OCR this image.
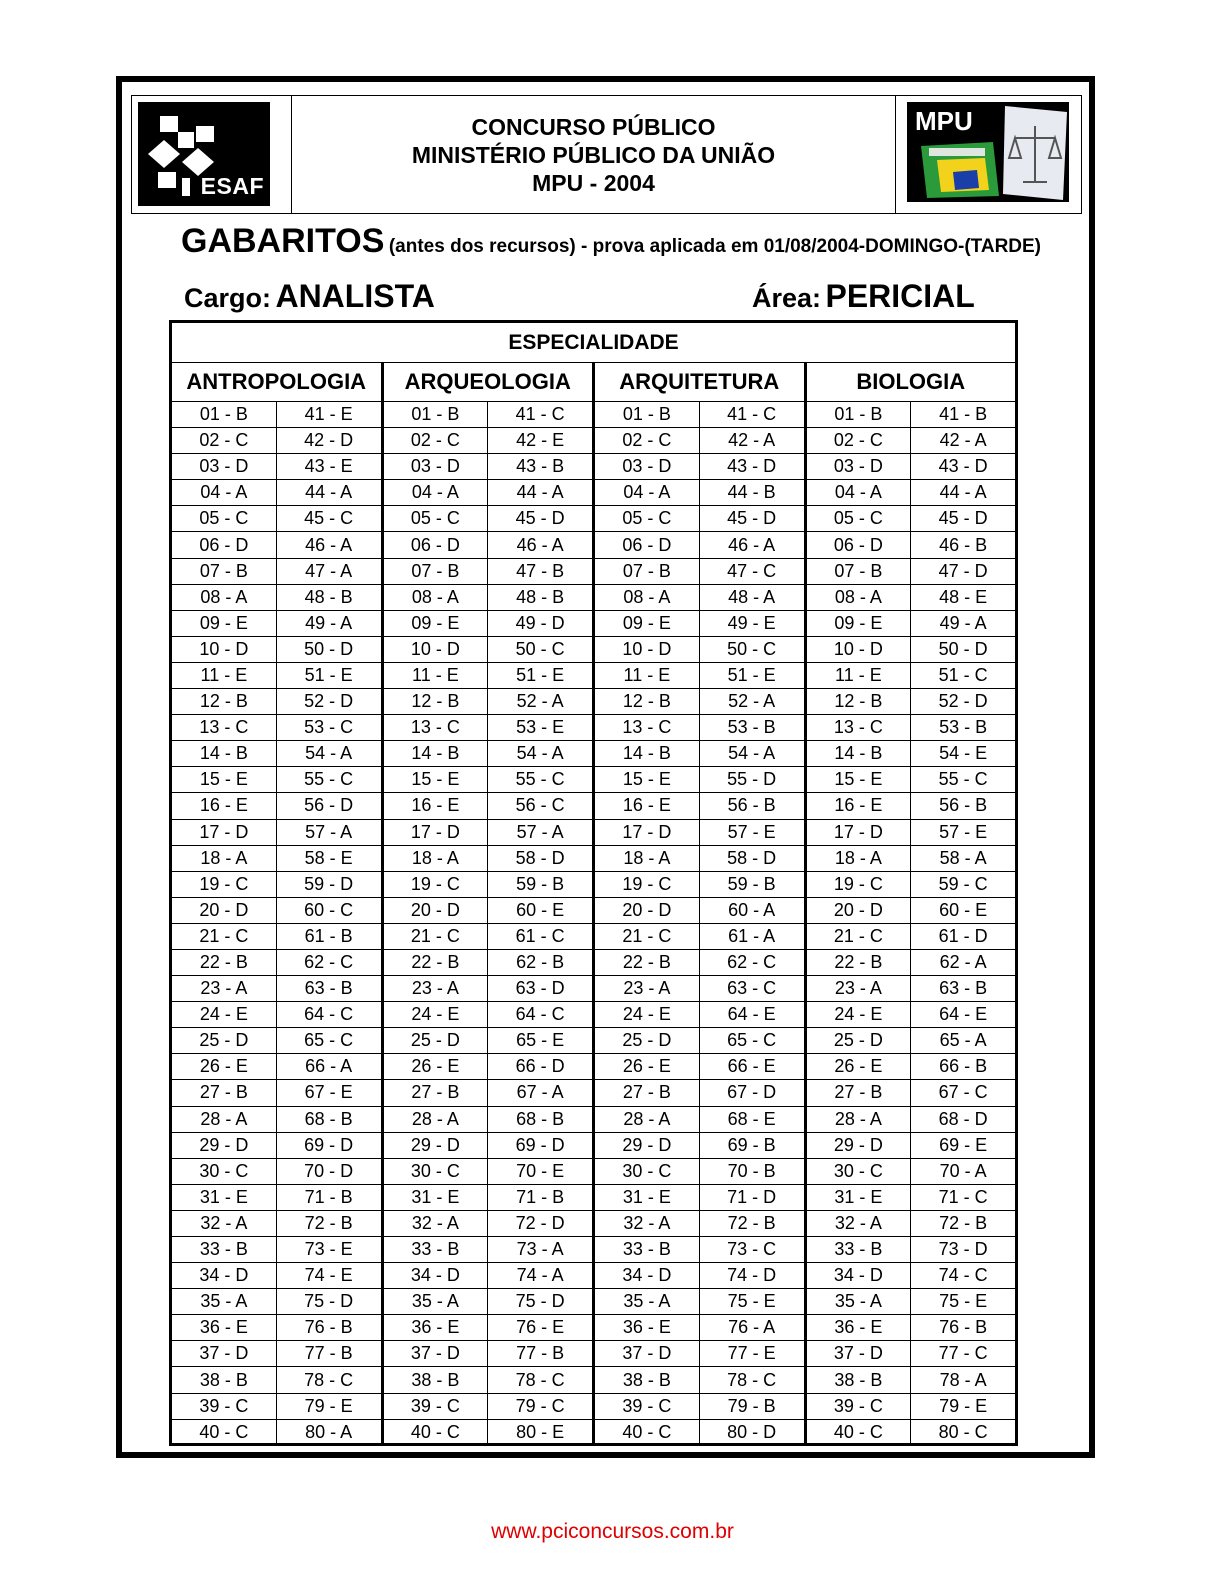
ESAF
CONCURSO PÚBLICO
MINISTÉRIO PÚBLICO DA UNIÃO
MPU - 2004
MPU
GABARITOS (antes dos recursos) - prova aplicada em 01/08/2004-DOMINGO-(TARDE)
Cargo: ANALISTA	Área: PERICIAL
ESPECIALIDADE
ANTROPOLOGIA
01 - B	41 - E
02 - C	42 - D
03 - D	43 - E
04 - A	44 - A
05 - C	45 - C
06 - D	46 - A
07 - B	47 - A
08 - A	48 - B
09 - E	49 - A
10 - D	50 - D
11 - E	51 - E
12 - B	52 - D
13 - C	53 - C
14 - B	54 - A
15 - E	55 - C
16 - E	56 - D
17 - D	57 - A
18 - A	58 - E
19 - C	59 - D
20 - D	60 - C
21 - C	61 - B
22 - B	62 - C
23 - A	63 - B
24 - E	64 - C
25 - D	65 - C
26 - E	66 - A
27 - B	67 - E
28 - A	68 - B
29 - D	69 - D
30 - C	70 - D
31 - E	71 - B
32 - A	72 - B
33 - B	73 - E
34 - D	74 - E
35 - A	75 - D
36 - E	76 - B
37 - D	77 - B
38 - B	78 - C
39 - C	79 - E
40 - C	80 - A
ARQUEOLOGIA
01 - B	41 - C
02 - C	42 - E
03 - D	43 - B
04 - A	44 - A
05 - C	45 - D
06 - D	46 - A
07 - B	47 - B
08 - A	48 - B
09 - E	49 - D
10 - D	50 - C
11 - E	51 - E
12 - B	52 - A
13 - C	53 - E
14 - B	54 - A
15 - E	55 - C
16 - E	56 - C
17 - D	57 - A
18 - A	58 - D
19 - C	59 - B
20 - D	60 - E
21 - C	61 - C
22 - B	62 - B
23 - A	63 - D
24 - E	64 - C
25 - D	65 - E
26 - E	66 - D
27 - B	67 - A
28 - A	68 - B
29 - D	69 - D
30 - C	70 - E
31 - E	71 - B
32 - A	72 - D
33 - B	73 - A
34 - D	74 - A
35 - A	75 - D
36 - E	76 - E
37 - D	77 - B
38 - B	78 - C
39 - C	79 - C
40 - C	80 - E
ARQUITETURA
01 - B	41 - C
02 - C	42 - A
03 - D	43 - D
04 - A	44 - B
05 - C	45 - D
06 - D	46 - A
07 - B	47 - C
08 - A	48 - A
09 - E	49 - E
10 - D	50 - C
11 - E	51 - E
12 - B	52 - A
13 - C	53 - B
14 - B	54 - A
15 - E	55 - D
16 - E	56 - B
17 - D	57 - E
18 - A	58 - D
19 - C	59 - B
20 - D	60 - A
21 - C	61 - A
22 - B	62 - C
23 - A	63 - C
24 - E	64 - E
25 - D	65 - C
26 - E	66 - E
27 - B	67 - D
28 - A	68 - E
29 - D	69 - B
30 - C	70 - B
31 - E	71 - D
32 - A	72 - B
33 - B	73 - C
34 - D	74 - D
35 - A	75 - E
36 - E	76 - A
37 - D	77 - E
38 - B	78 - C
39 - C	79 - B
40 - C	80 - D
BIOLOGIA
01 - B	41 - B
02 - C	42 - A
03 - D	43 - D
04 - A	44 - A
05 - C	45 - D
06 - D	46 - B
07 - B	47 - D
08 - A	48 - E
09 - E	49 - A
10 - D	50 - D
11 - E	51 - C
12 - B	52 - D
13 - C	53 - B
14 - B	54 - E
15 - E	55 - C
16 - E	56 - B
17 - D	57 - E
18 - A	58 - A
19 - C	59 - C
20 - D	60 - E
21 - C	61 - D
22 - B	62 - A
23 - A	63 - B
24 - E	64 - E
25 - D	65 - A
26 - E	66 - B
27 - B	67 - C
28 - A	68 - D
29 - D	69 - E
30 - C	70 - A
31 - E	71 - C
32 - A	72 - B
33 - B	73 - D
34 - D	74 - C
35 - A	75 - E
36 - E	76 - B
37 - D	77 - C
38 - B	78 - A
39 - C	79 - E
40 - C	80 - C
www.pciconcursos.com.br
